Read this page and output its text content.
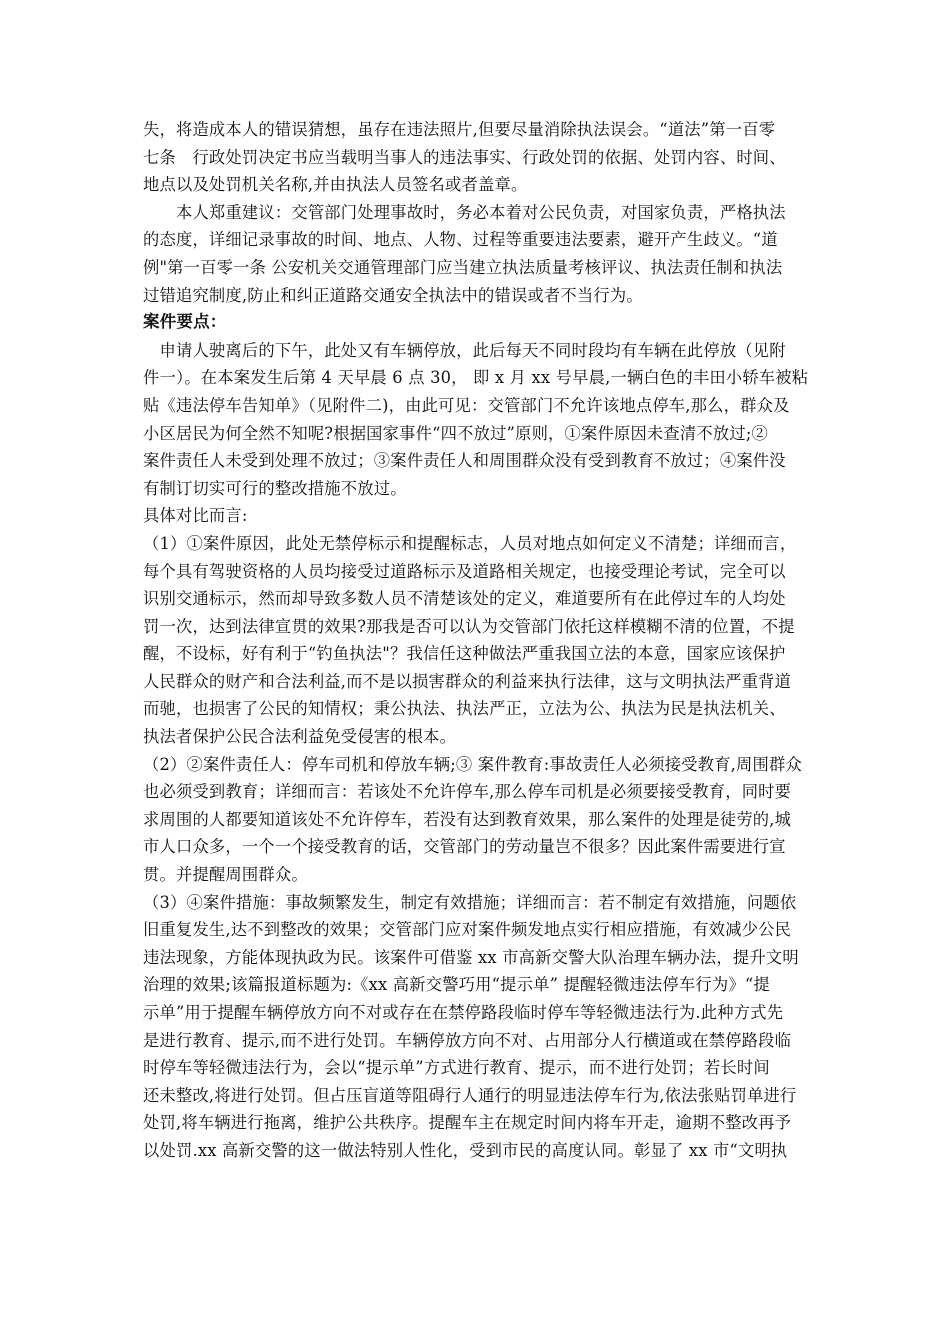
失，将造成本人的错误猜想，虽存在违法照片,但要尽量消除执法误会。“道法”第一百零
七条　行政处罚决定书应当载明当事人的违法事实、行政处罚的依据、处罚内容、时间、
地点以及处罚机关名称,并由执法人员签名或者盖章。
　　本人郑重建议：交管部门处理事故时，务必本着对公民负责，对国家负责，严格执法
的态度，详细记录事故的时间、地点、人物、过程等重要违法要素，避开产生歧义。“道
例"第一百零一条 公安机关交通管理部门应当建立执法质量考核评议、执法责任制和执法
过错追究制度,防止和纠正道路交通安全执法中的错误或者不当行为。
案件要点：
　申请人驶离后的下午，此处又有车辆停放，此后每天不同时段均有车辆在此停放（见附
件一）。在本案发生后第 4 天早晨 6 点 30， 即 x 月 xx 号早晨,一辆白色的丰田小轿车被粘
贴《违法停车告知单》（见附件二)，由此可见：交管部门不允许该地点停车,那么，群众及
小区居民为何全然不知呢?根据国家事件“四不放过”原则，①案件原因未查清不放过;②
案件责任人未受到处理不放过；③案件责任人和周围群众没有受到教育不放过；④案件没
有制订切实可行的整改措施不放过。
具体对比而言:
（1）①案件原因，此处无禁停标示和提醒标志，人员对地点如何定义不清楚；详细而言，
每个具有驾驶资格的人员均接受过道路标示及道路相关规定，也接受理论考试，完全可以
识别交通标示，然而却导致多数人员不清楚该处的定义，难道要所有在此停过车的人均处
罚一次，达到法律宣贯的效果?那我是否可以认为交管部门依托这样模糊不清的位置，不提
醒，不设标，好有利于“钓鱼执法"？我信任这种做法严重我国立法的本意，国家应该保护
人民群众的财产和合法利益,而不是以损害群众的利益来执行法律，这与文明执法严重背道
而驰，也损害了公民的知情权；秉公执法、执法严正，立法为公、执法为民是执法机关、
执法者保护公民合法利益免受侵害的根本。
（2）②案件责任人：停车司机和停放车辆;③ 案件教育:事故责任人必须接受教育,周围群众
也必须受到教育；详细而言：若该处不允许停车,那么停车司机是必须要接受教育，同时要
求周围的人都要知道该处不允许停车，若没有达到教育效果，那么案件的处理是徒劳的,城
市人口众多，一个一个接受教育的话，交管部门的劳动量岂不很多？因此案件需要进行宣
贯。并提醒周围群众。
（3）④案件措施：事故频繁发生，制定有效措施；详细而言：若不制定有效措施，问题依
旧重复发生,达不到整改的效果；交管部门应对案件频发地点实行相应措施，有效减少公民
违法现象，方能体现执政为民。该案件可借鉴 xx 市高新交警大队治理车辆办法，提升文明
治理的效果;该篇报道标题为:《xx 高新交警巧用“提示单” 提醒轻微违法停车行为》“提
示单”用于提醒车辆停放方向不对或存在在禁停路段临时停车等轻微违法行为.此种方式先
是进行教育、提示,而不进行处罚。车辆停放方向不对、占用部分人行横道或在禁停路段临
时停车等轻微违法行为，会以“提示单”方式进行教育、提示，而不进行处罚；若长时间
还未整改,将进行处罚。但占压盲道等阻碍行人通行的明显违法停车行为,依法张贴罚单进行
处罚,将车辆进行拖离，维护公共秩序。提醒车主在规定时间内将车开走，逾期不整改再予
以处罚.xx 高新交警的这一做法特别人性化，受到市民的高度认同。彰显了 xx 市“文明执
